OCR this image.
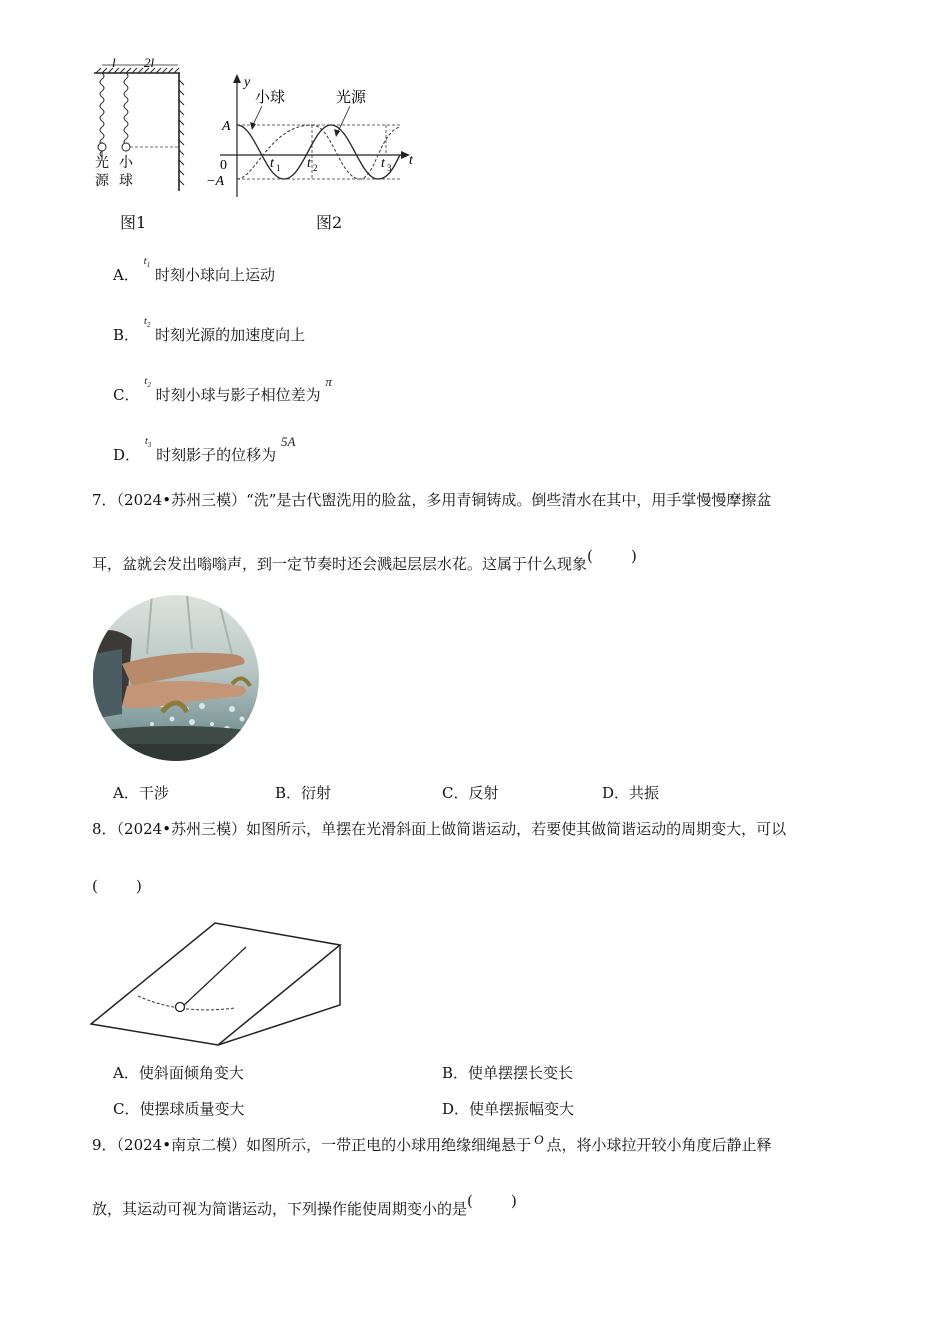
l 2l
光
源
小
球
图1
y
t
0
A
−A
小球	光源
t 1 t 2	t 3
图2
A． $t_1$ 时刻小球向上运动
B． $t_2$ 时刻光源的加速度向上
C． $t_2$ 时刻小球与影子相位差为 π
D． $t_3$ 时刻影子的位移为 5A
7．（2024•苏州三模）“洗”是古代盥洗用的脸盆，多用青铜铸成。倒些清水在其中，用手掌慢慢摩擦盆
耳，盆就会发出嗡嗡声，到一定节奏时还会溅起层层水花。这属于什么现象(        )
A．干涉	B．衍射	C．反射	D．共振
8．（2024•苏州三模）如图所示，单摆在光滑斜面上做简谐运动，若要使其做简谐运动的周期变大，可以
(        )
A．使斜面倾角变大	B．使单摆摆长变长
C．使摆球质量变大	D．使单摆振幅变大
9．（2024•南京二模）如图所示，一带正电的小球用绝缘细绳悬于 O 点，将小球拉开较小角度后静止释
放，其运动可视为简谐运动，下列操作能使周期变小的是(        )
